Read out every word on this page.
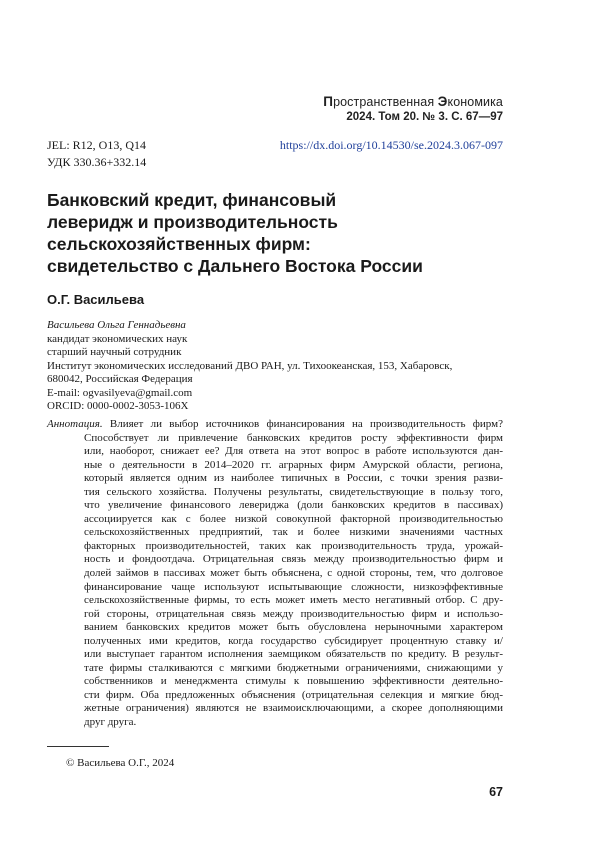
Пространственная Экономика
2024. Том 20. № 3. С. 67—97
JEL: R12, O13, Q14	https://dx.doi.org/10.14530/se.2024.3.067-097
УДК 330.36+332.14
Банковский кредит, финансовый
левеpидж и производительность
сельскохозяйственных фирм:
свидетельство с Дальнего Востока России
О.Г. Васильева
Васильева Ольга Геннадьевна
кандидат экономических наук
старший научный сотрудник
Институт экономических исследований ДВО РАН, ул. Тихоокеанская, 153, Хабаровск,
680042, Российская Федерация
E-mail: ogvasilyeva@gmail.com
ORCID: 0000-0002-3053-106X
Аннотация. Влияет ли выбор источников финансирования на производительность фирм?
Способствует ли привлечение банковских кредитов росту эффективности фирм
или, наоборот, снижает ее? Для ответа на этот вопрос в работе используются дан-
ные о деятельности в 2014–2020 гг. аграрных фирм Амурской области, региона,
который является одним из наиболее типичных в России, с точки зрения разви-
тия сельского хозяйства. Получены результаты, свидетельствующие в пользу того,
что увеличение финансового левериджа (доли банковских кредитов в пассивах)
ассоциируется как с более низкой совокупной факторной производительностью
сельскохозяйственных предприятий, так и более низкими значениями частных
факторных производительностей, таких как производительность труда, урожай-
ность и фондоотдача. Отрицательная связь между производительностью фирм и
долей займов в пассивах может быть объяснена, с одной стороны, тем, что долговое
финансирование чаще используют испытывающие сложности, низкоэффективные
сельскохозяйственные фирмы, то есть может иметь место негативный отбор. С дру-
гой стороны, отрицательная связь между производительностью фирм и использо-
ванием банковских кредитов может быть обусловлена нерыночными характером
полученных ими кредитов, когда государство субсидирует процентную ставку и/
или выступает гарантом исполнения заемщиком обязательств по кредиту. В результ-
тате фирмы сталкиваются с мягкими бюджетными ограничениями, снижающими у
собственников и менеджмента стимулы к повышению эффективности деятельно-
сти фирм. Оба предложенных объяснения (отрицательная селекция и мягкие бюд-
жетные ограничения) являются не взаимоисключающими, а скорее дополняющими
друг друга.
© Васильева О.Г., 2024
67
